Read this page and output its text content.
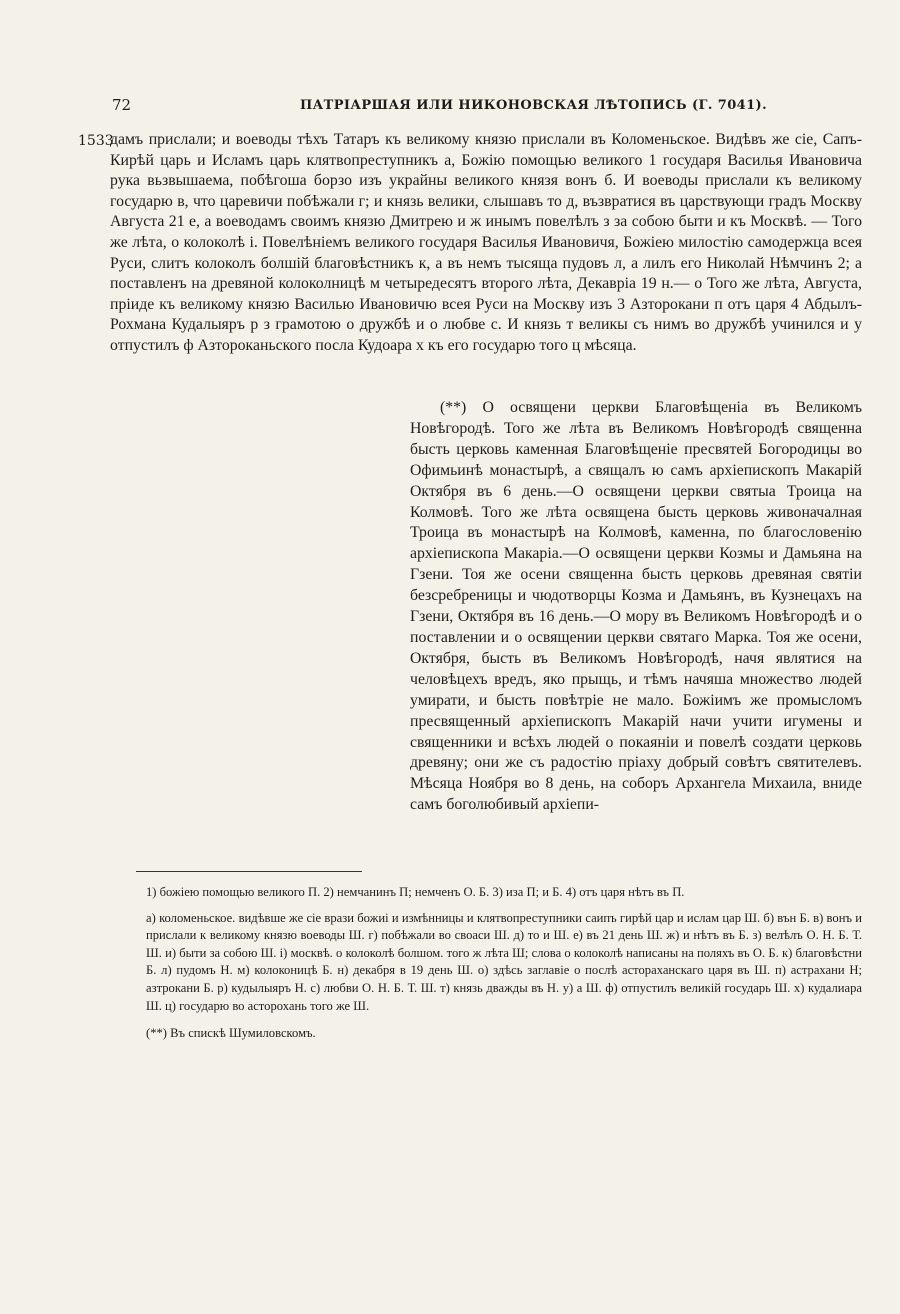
72	ПАТРІАРШАЯ ИЛИ НИКОНОВСКАЯ ЛѢТОПИСЬ (Г. 7041).
1533

дамъ прислали; и воеводы тѣхъ Татаръ къ великому князю прислали въ Коломеньское. Видѣвъ же сіе, Сапъ-Кирѣй царь и Исламъ царь клятвопреступникъ а, Божію помощью великого 1 государя Василья Ивановича рука вьзвышаема, побѣгоша борзо изъ украйны великого князя вонъ б. И воеводы прислали къ великому государю в, что царевичи побѣжали г; и князь велики, слышавъ то д, възвратися въ царствующи градъ Москву Августа 21 е, а воеводамъ своимъ князю Дмитрею и ж инымъ повелѣлъ з за собою быти и къ Москвѣ. — Того же лѣта, о колоколѣ і. Повелѣніемъ великого государя Василья Ивановичя, Божіею милостію самодержца всея Руси, слитъ колоколъ болшій благовѣстникъ к, а въ немъ тысяща пудовъ л, а лилъ его Николай Нѣмчинъ 2; а поставленъ на древяной колоколницѣ м четыредесятъ второго лѣта, Декавріа 19 н.— о Того же лѣта, Августа, пріиде къ великому князю Василью Ивановичю всея Руси на Москву изъ 3 Азторокани п отъ царя 4 Абдылъ-Рохмана Кудалыяръ р з грамотою о дружбѣ и о любве с. И князь т великы съ нимъ во дружбѣ учинился и у отпустилъ ф Азтороканьского посла Кудоара х къ его государю того ц мѣсяца.

(**) О освящени церкви Благовѣщеніа въ Великомъ Новѣгородѣ. Того же лѣта въ Великомъ Новѣгородѣ священна бысть церковь каменная Благовѣщеніе пресвятей Богородицы во Офимьинѣ монастырѣ, а свящалъ ю самъ архіепископъ Макарій Октября въ 6 день.—О освящени церкви святыа Троица на Колмовѣ. Того же лѣта освящена бысть церковь живоначалная Троица въ монастырѣ на Колмовѣ, каменна, по благословенію архіепископа Макаріа.—О освящени церкви Козмы и Дамьяна на Гзени. Тоя же осени священна бысть церковь древяная святіи безсребреницы и чюдотворцы Козма и Дамьянъ, въ Кузнецахъ на Гзени, Октября въ 16 день.—О мору въ Великомъ Новѣгородѣ и о поставлении и о освящении церкви святаго Марка. Тоя же осени, Октября, бысть въ Великомъ Новѣгородѣ, начя являтися на человѣцехъ вредъ, яко прыщь, и тѣмъ начяша множество людей умирати, и бысть повѣтріе не мало. Божіимъ же промысломъ пресвященный архіепископъ Макарій начи учити игумены и священники и всѣхъ людей о покаяніи и повелѣ создати церковь древяну; они же съ радостію пріаху добрый совѣтъ святителевъ. Мѣсяца Ноября во 8 день, на соборъ Архангела Михаила, вниде самъ боголюбивый архіепи-

1) божіею помощью великого П. 2) немчанинъ П; немченъ О. Б. 3) иза П; и Б. 4) отъ царя нѣтъ въ П.

а) коломеньское. видѣвше же сіе врази божиі и измѣнницы и клятвопреступники саипъ гирѣй цар и ислам цар Ш. б) вън Б. в) вонъ и прислали к великому князю воеводы Ш. г) побѣжали во своаси Ш. д) то и Ш. е) въ 21 день Ш. ж) и нѣтъ въ Б. з) велѣлъ О. Н. Б. Т. Ш. и) быти за собою Ш. і) москвѣ. о колоколѣ болшом. того ж лѣта Ш; слова о колоколѣ написаны на поляхъ въ О. Б. к) благовѣстни Б. л) пудомъ Н. м) колоконицѣ Б. н) декабря в 19 день Ш. о) здѣсь заглавіе о послѣ астораханскаго царя въ Ш. п) астрахани Н; азтрокани Б. р) кудылыяръ Н. с) любви О. Н. Б. Т. Ш. т) князь дважды въ Н. у) а Ш. ф) отпустилъ великій государь Ш. х) кудалиара Ш. ц) государю во асторохань того же Ш.

(**) Въ спискѣ Шумиловскомъ.
